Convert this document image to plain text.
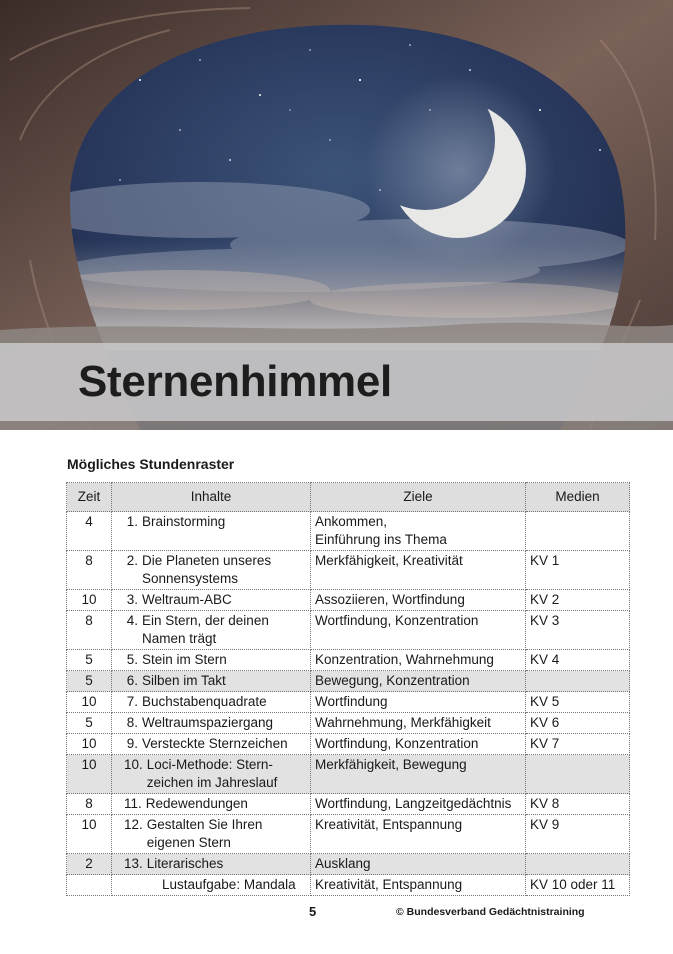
Sternenhimmel
Mögliches Stundenraster
Zeit	Inhalte	Ziele	Medien
4	1. Brainstorming	Ankommen,
Einführung ins Thema	
8	2. Die Planeten unseres Sonnensystems	Merkfähigkeit, Kreativität	KV 1
10	3. Weltraum-ABC	Assoziieren, Wortfindung	KV 2
8	4. Ein Stern, der deinen Namen trägt	Wortfindung, Konzentration	KV 3
5	5. Stein im Stern	Konzentration, Wahrnehmung	KV 4
5	6. Silben im Takt	Bewegung, Konzentration	
10	7. Buchstabenquadrate	Wortfindung	KV 5
5	8. Weltraumspaziergang	Wahrnehmung, Merkfähigkeit	KV 6
10	9. Versteckte Sternzeichen	Wortfindung, Konzentration	KV 7
10	10. Loci-Methode: Stern-zeichen im Jahreslauf	Merkfähigkeit, Bewegung	
8	11. Redewendungen	Wortfindung, Langzeitgedächtnis	KV 8
10	12. Gestalten Sie Ihren eigenen Stern	Kreativität, Entspannung	KV 9
2	13. Literarisches	Ausklang	

	Lustaufgabe: Mandala	Kreativität, Entspannung	KV 10 oder 11
5	© Bundesverband Gedächtnistraining
